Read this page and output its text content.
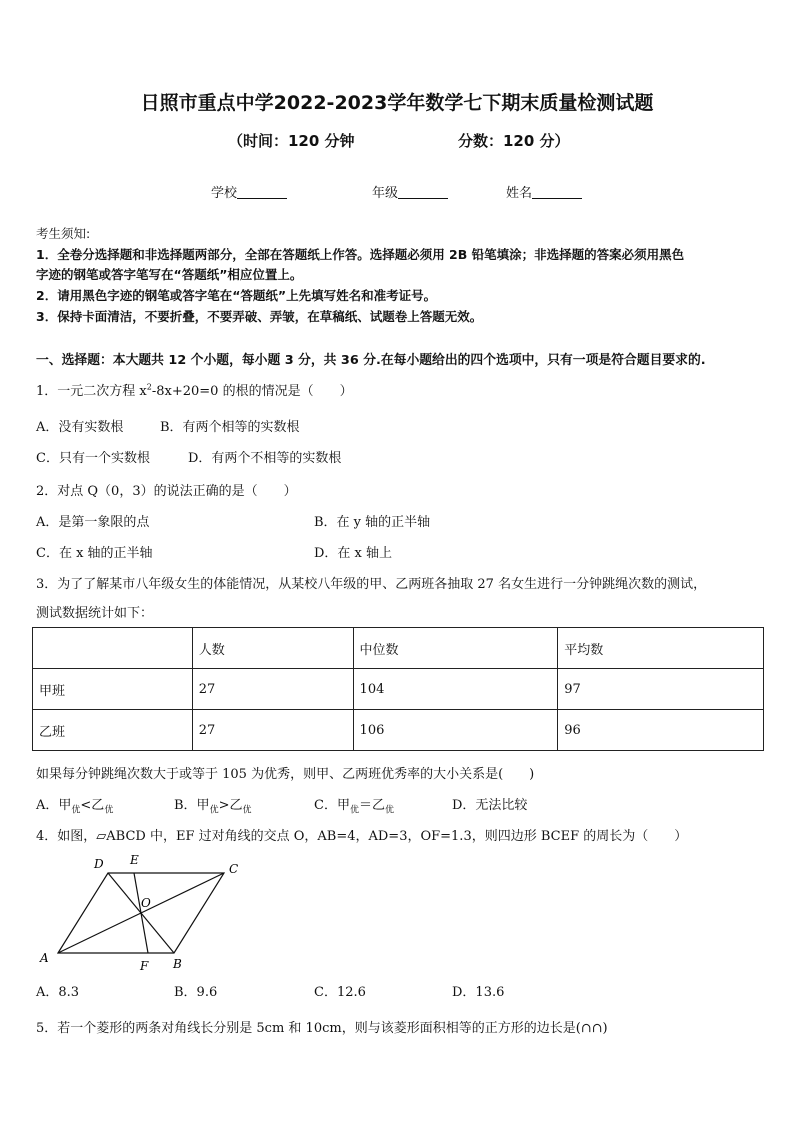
日照市重点中学2022-2023学年数学七下期末质量检测试题
（时间：120 分钟	分数：120 分）
学校	年级	姓名
考生须知:
1．全卷分选择题和非选择题两部分，全部在答题纸上作答。选择题必须用 2B 铅笔填涂；非选择题的答案必须用黑色
字迹的钢笔或答字笔写在“答题纸”相应位置上。
2．请用黑色字迹的钢笔或答字笔在“答题纸”上先填写姓名和准考证号。
3．保持卡面清洁，不要折叠，不要弄破、弄皱，在草稿纸、试题卷上答题无效。
一、选择题：本大题共 12 个小题，每小题 3 分，共 36 分.在每小题给出的四个选项中，只有一项是符合题目要求的.
1．一元二次方程 $x^2-8x+20=0$ 的根的情况是（　　）
A．没有实数根	B．有两个相等的实数根
C．只有一个实数根	D．有两个不相等的实数根
2．对点 Q（0，3）的说法正确的是（　　）
A．是第一象限的点	B．在 y 轴的正半轴
C．在 x 轴的正半轴	D．在 x 轴上
3．为了了解某市八年级女生的体能情况，从某校八年级的甲、乙两班各抽取 27 名女生进行一分钟跳绳次数的测试，
测试数据统计如下：
	人数	中位数	平均数
甲班	27	104	97
乙班	27	106	96
如果每分钟跳绳次数大于或等于 105 为优秀，则甲、乙两班优秀率的大小关系是(　　)
A．甲$_优$<乙$_优$	B．甲$_优$>乙$_优$	C．甲$_优$＝乙$_优$	D．无法比较
4．如图，▱ABCD 中，EF 过对角线的交点 O，AB=4，AD=3，OF=1.3，则四边形 BCEF 的周长为（　　）
A	B
C
D E
F
O
A．8.3	B．9.6	C．12.6	D．13.6
5．若一个菱形的两条对角线长分别是 5cm 和 10cm，则与该菱形面积相等的正方形的边长是(∩∩)
